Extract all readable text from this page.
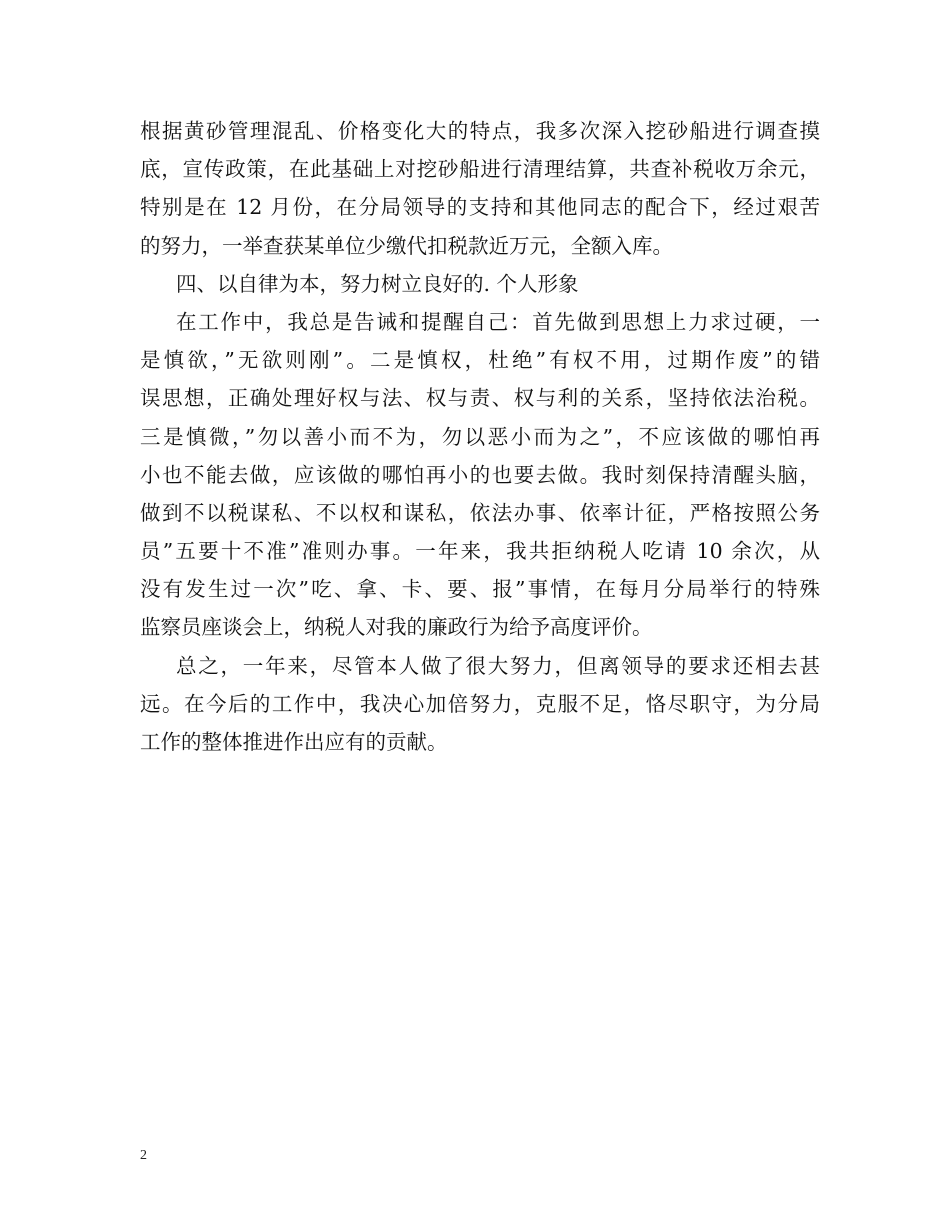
根据黄砂管理混乱、价格变化大的特点，我多次深入挖砂船进行调查摸
底，宣传政策，在此基础上对挖砂船进行清理结算，共查补税收万余元，
特别是在 12 月份，在分局领导的支持和其他同志的配合下，经过艰苦
的努力，一举查获某单位少缴代扣税款近万元，全额入库。
四、以自律为本，努力树立良好的. 个人形象
在工作中，我总是告诫和提醒自己：首先做到思想上力求过硬，一
是慎欲，”无欲则刚”。二是慎权，杜绝”有权不用，过期作废”的错
误思想，正确处理好权与法、权与责、权与利的关系，坚持依法治税。
三是慎微，”勿以善小而不为，勿以恶小而为之”，不应该做的哪怕再
小也不能去做，应该做的哪怕再小的也要去做。我时刻保持清醒头脑，
做到不以税谋私、不以权和谋私，依法办事、依率计征，严格按照公务
员”五要十不准”准则办事。一年来，我共拒纳税人吃请 10 余次，从
没有发生过一次”吃、拿、卡、要、报”事情，在每月分局举行的特殊
监察员座谈会上，纳税人对我的廉政行为给予高度评价。
总之，一年来，尽管本人做了很大努力，但离领导的要求还相去甚
远。在今后的工作中，我决心加倍努力，克服不足，恪尽职守，为分局
工作的整体推进作出应有的贡献。
2
